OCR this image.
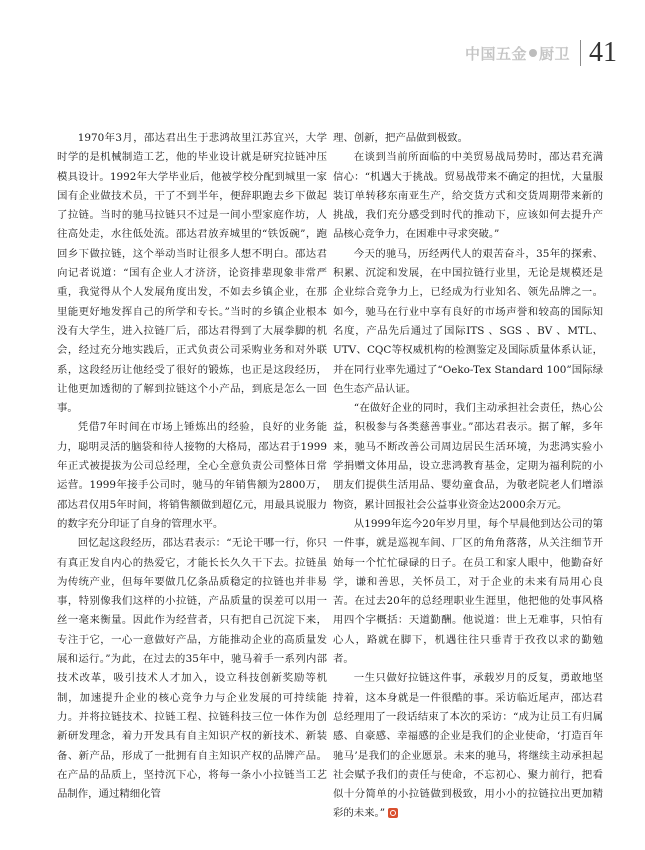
中国五金 厨卫 41

1970年3月，邵达君出生于悲鸿故里江苏宜兴，大学时学的是机械制造工艺，他的毕业设计就是研究拉链冲压模具设计。1992年大学毕业后，他被学校分配到城里一家国有企业做技术员，干了不到半年，便辞职跑去乡下做起了拉链。当时的驰马拉链只不过是一间小型家庭作坊，人往高处走，水往低处流。邵达君放弃城里的“铁饭碗”，跑回乡下做拉链，这个举动当时让很多人想不明白。邵达君向记者说道：“国有企业人才济济，论资排辈现象非常严重，我觉得从个人发展角度出发，不如去乡镇企业，在那里能更好地发挥自己的所学和专长。”当时的乡镇企业根本没有大学生，进入拉链厂后，邵达君得到了大展拳脚的机会，经过充分地实践后，正式负责公司采购业务和对外联系，这段经历让他经受了很好的锻炼，也正是这段经历，让他更加透彻的了解到拉链这个小产品，到底是怎么一回事。

凭借7年时间在市场上锤炼出的经验，良好的业务能力，聪明灵活的脑袋和待人接物的大格局，邵达君于1999年正式被提拔为公司总经理，全心全意负责公司整体日常运营。1999年接手公司时，驰马的年销售额为2800万，邵达君仅用5年时间，将销售额做到超亿元，用最具说服力的数字充分印证了自身的管理水平。

回忆起这段经历，邵达君表示：“无论干哪一行，你只有真正发自内心的热爱它，才能长长久久干下去。拉链虽为传统产业，但每年要做几亿条品质稳定的拉链也并非易事，特别像我们这样的小拉链，产品质量的误差可以用一丝一毫来衡量。因此作为经营者，只有把自己沉淀下来，专注于它，一心一意做好产品，方能推动企业的高质量发展和运行。”为此，在过去的35年中，驰马着手一系列内部技术改革，吸引技术人才加入，设立科技创新奖励等机制，加速提升企业的核心竞争力与企业发展的可持续能力。并将拉链技术、拉链工程、拉链科技三位一体作为创新研发理念，着力开发具有自主知识产权的新技术、新装备、新产品，形成了一批拥有自主知识产权的品牌产品。在产品的品质上，坚持沉下心，将每一条小小拉链当工艺品制作，通过精细化管

理、创新，把产品做到极致。

在谈到当前所面临的中美贸易战局势时，邵达君充满信心：“机遇大于挑战。贸易战带来不确定的担忧，大量服装订单转移东南亚生产，给交货方式和交货周期带来新的挑战，我们充分感受到时代的推动下，应该如何去提升产品核心竞争力，在困难中寻求突破。”

今天的驰马，历经两代人的艰苦奋斗，35年的探索、积累、沉淀和发展，在中国拉链行业里，无论是规模还是企业综合竞争力上，已经成为行业知名、领先品牌之一。如今，驰马在行业中享有良好的市场声誉和较高的国际知名度，产品先后通过了国际ITS 、SGS 、BV 、MTL、UTV、CQC等权威机构的检测鉴定及国际质量体系认证，并在同行业率先通过了“Oeko-Tex Standard 100”国际绿色生态产品认证。

“在做好企业的同时，我们主动承担社会责任，热心公益，积极参与各类慈善事业。”邵达君表示。据了解，多年来，驰马不断改善公司周边居民生活环境，为悲鸿实验小学捐赠文体用品，设立悲鸿教育基金，定期为福利院的小朋友们提供生活用品、婴幼童食品，为敬老院老人们增添物资，累计回报社会公益事业资金达2000余万元。

从1999年迄今20年岁月里，每个早晨他到达公司的第一件事，就是巡视车间、厂区的角角落落，从关注细节开始每一个忙忙碌碌的日子。在员工和家人眼中，他勤奋好学，谦和善思，关怀员工，对于企业的未来有局用心良苦。在过去20年的总经理职业生涯里，他把他的处事风格用四个字概括：天道勤酬。他说道：世上无难事，只怕有心人，路就在脚下，机遇往往只垂青于孜孜以求的勤勉者。

一生只做好拉链这件事，承载岁月的反复，勇敢地坚持着，这本身就是一件很酷的事。采访临近尾声，邵达君总经理用了一段话结束了本次的采访：“成为让员工有归属感、自豪感、幸福感的企业是我们的企业使命，‘打造百年驰马’是我们的企业愿景。未来的驰马，将继续主动承担起社会赋予我们的责任与使命，不忘初心、聚力前行，把看似十分简单的小拉链做到极致，用小小的拉链拉出更加精彩的未来。”
